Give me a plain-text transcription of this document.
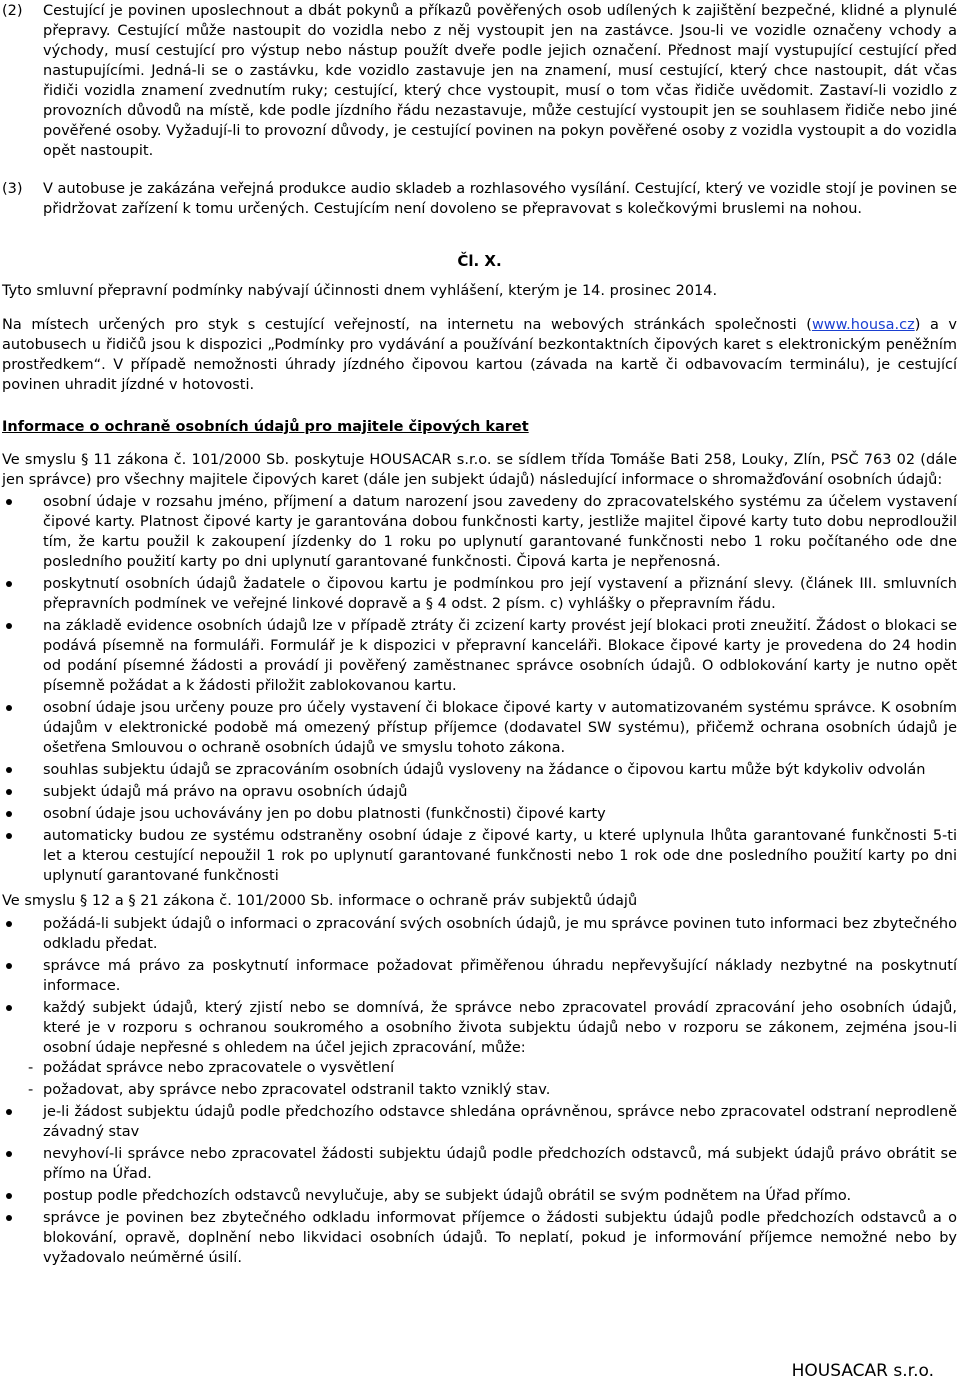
(2)	Cestující je povinen uposlechnout a dbát pokynů a příkazů pověřených osob udílených k zajištění bezpečné, klidné a plynulé přepravy. Cestující může nastoupit do vozidla nebo z něj vystoupit jen na zastávce. Jsou-li ve vozidle označeny vchody a východy, musí cestující pro výstup nebo nástup použít dveře podle jejich označení. Přednost mají vystupující cestující před nastupujícími. Jedná-li se o zastávku, kde vozidlo zastavuje jen na znamení, musí cestující, který chce nastoupit, dát včas řidiči vozidla znamení zvednutím ruky; cestující, který chce vystoupit, musí o tom včas řidiče uvědomit. Zastaví-li vozidlo z provozních důvodů na místě, kde podle jízdního řádu nezastavuje, může cestující vystoupit jen se souhlasem řidiče nebo jiné pověřené osoby. Vyžadují-li to provozní důvody, je cestující povinen na pokyn pověřené osoby z vozidla vystoupit a do vozidla opět nastoupit.
(3)	V autobuse je zakázána veřejná produkce audio skladeb a rozhlasového vysílání. Cestující, který ve vozidle stojí je povinen se přidržovat zařízení k tomu určených. Cestujícím není dovoleno se přepravovat s kolečkovými bruslemi na nohou.

Čl. X.

Tyto smluvní přepravní podmínky nabývají účinnosti dnem vyhlášení, kterým je 14. prosinec 2014.

Na místech určených pro styk s cestující veřejností, na internetu na webových stránkách společnosti (www.housa.cz) a v autobusech u řidičů jsou k dispozici „Podmínky pro vydávání a používání bezkontaktních čipových karet s elektronickým peněžním prostředkem“. V případě nemožnosti úhrady jízdného čipovou kartou (závada na kartě či odbavovacím terminálu), je cestující povinen uhradit jízdné v hotovosti.

Informace o ochraně osobních údajů pro majitele čipových karet

Ve smyslu § 11 zákona č. 101/2000 Sb. poskytuje HOUSACAR s.r.o. se sídlem třída Tomáše Bati 258, Louky, Zlín, PSČ 763 02 (dále jen správce) pro všechny majitele čipových karet (dále jen subjekt údajů) následující informace o shromažďování osobních údajů:

osobní údaje v rozsahu jméno, příjmení a datum narození jsou zavedeny do zpracovatelského systému za účelem vystavení čipové karty. Platnost čipové karty je garantována dobou funkčnosti karty, jestliže majitel čipové karty tuto dobu neprodloužil tím, že kartu použil k zakoupení jízdenky do 1 roku po uplynutí garantované funkčnosti nebo 1 roku počítaného ode dne posledního použití karty po dni uplynutí garantované funkčnosti. Čipová karta je nepřenosná.
poskytnutí osobních údajů žadatele o čipovou kartu je podmínkou pro její vystavení a přiznání slevy. (článek III. smluvních přepravních podmínek ve veřejné linkové dopravě a § 4 odst. 2 písm. c) vyhlášky o přepravním řádu.
na základě evidence osobních údajů lze v případě ztráty či zcizení karty provést její blokaci proti zneužití. Žádost o blokaci se podává písemně na formuláři. Formulář je k dispozici v přepravní kanceláři. Blokace čipové karty je provedena do 24 hodin od podání písemné žádosti a provádí ji pověřený zaměstnanec správce osobních údajů. O odblokování karty je nutno opět písemně požádat a k žádosti přiložit zablokovanou kartu.
osobní údaje jsou určeny pouze pro účely vystavení či blokace čipové karty v automatizovaném systému správce. K osobním údajům v elektronické podobě má omezený přístup příjemce (dodavatel SW systému), přičemž ochrana osobních údajů je ošetřena Smlouvou o ochraně osobních údajů ve smyslu tohoto zákona.
souhlas subjektu údajů se zpracováním osobních údajů vysloveny na žádance o čipovou kartu může být kdykoliv odvolán
subjekt údajů má právo na opravu osobních údajů
osobní údaje jsou uchovávány jen po dobu platnosti (funkčnosti) čipové karty
automaticky budou ze systému odstraněny osobní údaje z čipové karty, u které uplynula lhůta garantované funkčnosti 5-ti let a kterou cestující nepoužil 1 rok po uplynutí garantované funkčnosti nebo 1 rok ode dne posledního použití karty po dni uplynutí garantované funkčnosti

Ve smyslu § 12 a § 21 zákona č. 101/2000 Sb. informace o ochraně práv subjektů údajů

požádá-li subjekt údajů o informaci o zpracování svých osobních údajů, je mu správce povinen tuto informaci bez zbytečného odkladu předat.
správce má právo za poskytnutí informace požadovat přiměřenou úhradu nepřevyšující náklady nezbytné na poskytnutí informace.
každý subjekt údajů, který zjistí nebo se domnívá, že správce nebo zpracovatel provádí zpracování jeho osobních údajů, které je v rozporu s ochranou soukromého a osobního života subjektu údajů nebo v rozporu se zákonem, zejména jsou-li osobní údaje nepřesné s ohledem na účel jejich zpracování, může:
- požádat správce nebo zpracovatele o vysvětlení
- požadovat, aby správce nebo zpracovatel odstranil takto vzniklý stav.
je-li žádost subjektu údajů podle předchozího odstavce shledána oprávněnou, správce nebo zpracovatel odstraní neprodleně závadný stav
nevyhoví-li správce nebo zpracovatel žádosti subjektu údajů podle předchozích odstavců, má subjekt údajů právo obrátit se přímo na Úřad.
postup podle předchozích odstavců nevylučuje, aby se subjekt údajů obrátil se svým podnětem na Úřad přímo.
správce je povinen bez zbytečného odkladu informovat příjemce o žádosti subjektu údajů podle předchozích odstavců a o blokování, opravě, doplnění nebo likvidaci osobních údajů. To neplatí, pokud je informování příjemce nemožné nebo by vyžadovalo neúměrné úsilí.
HOUSACAR s.r.o.
